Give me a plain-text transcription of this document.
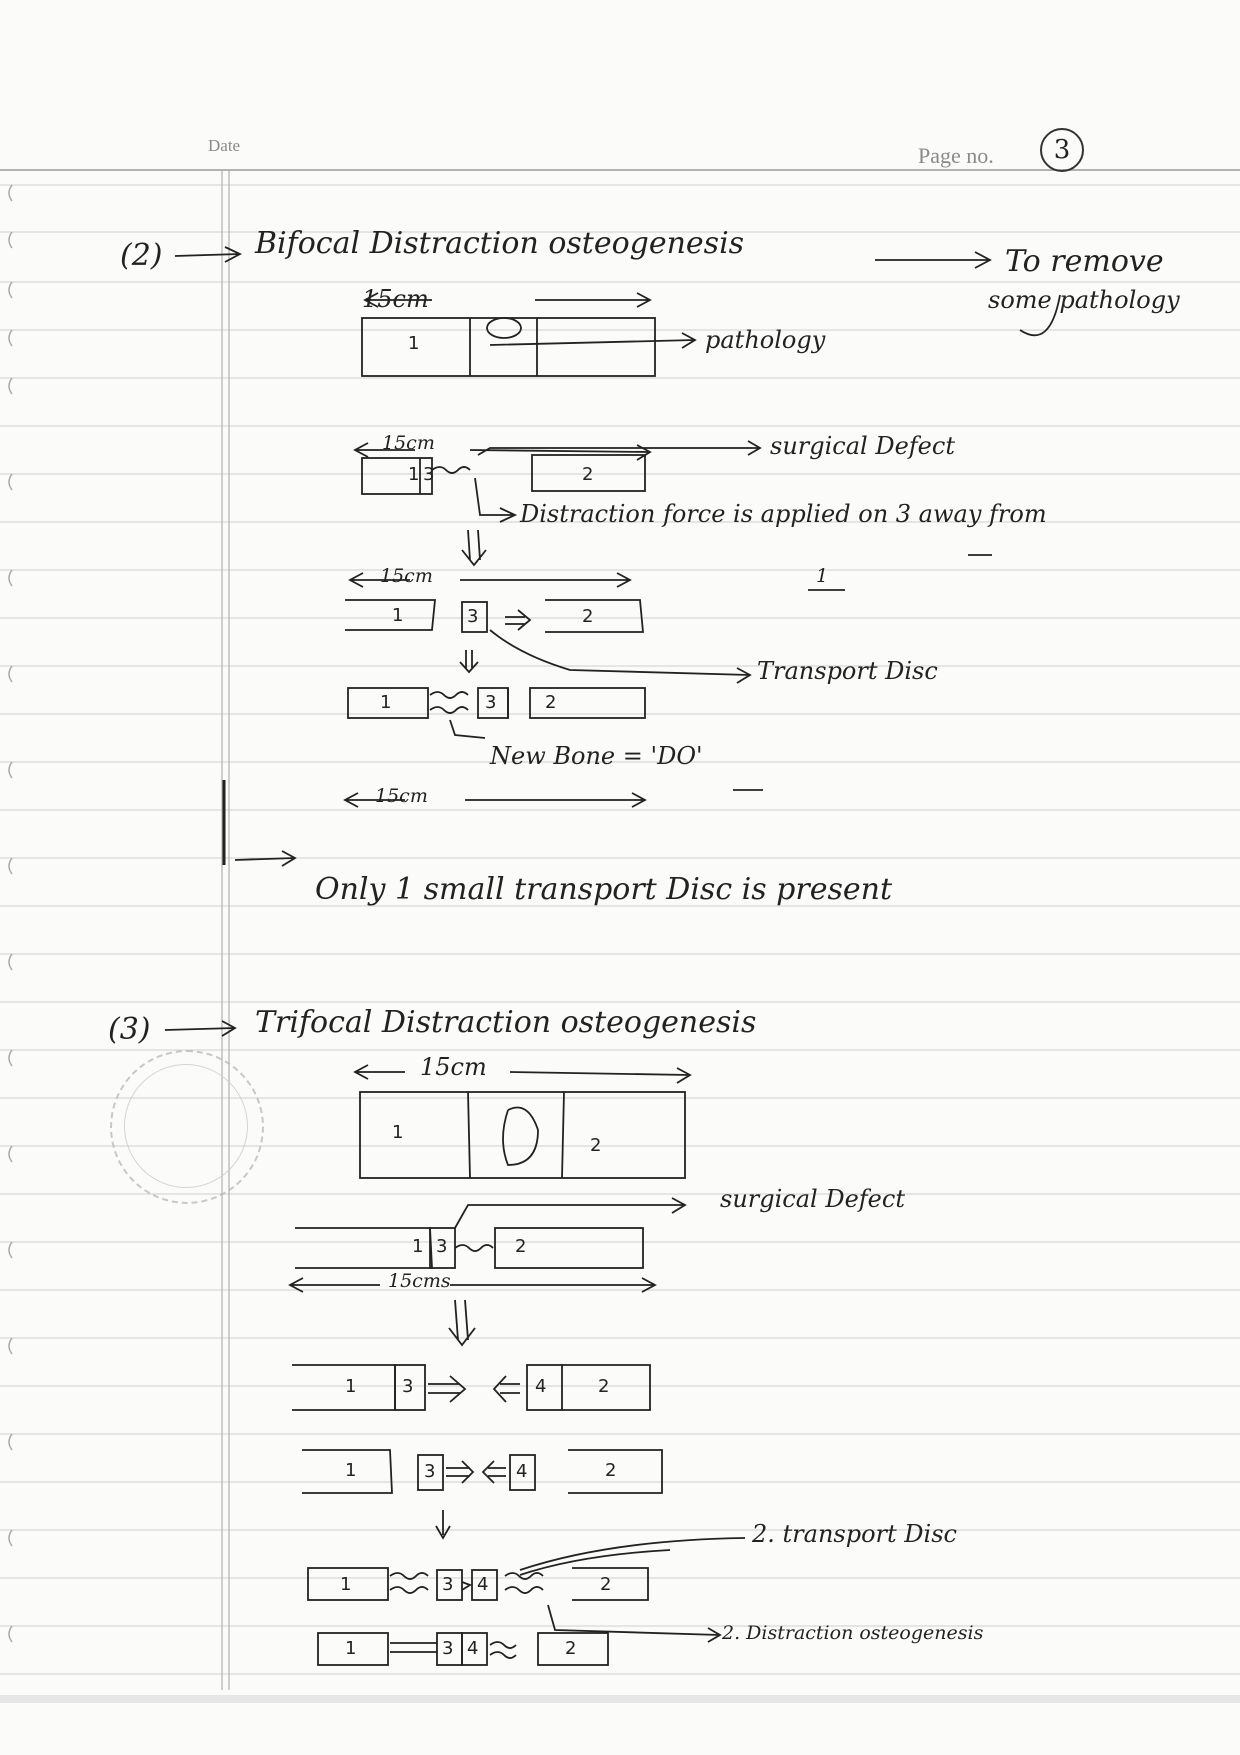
Date	Page no.	3
(2)	Bifocal Distraction osteogenesis
To remove
some pathology
1
15cm
pathology
15cm
1 3	2
surgical Defect
Distraction force is applied on 3 away from
1
15cm
1	3	2
Transport Disc
1	3	2
New Bone = 'DO'
15cm
Only 1 small transport Disc is present
(3)	Trifocal Distraction osteogenesis
15cm
1
2
1 3	2
surgical Defect
15cms
1	3	4	2
1	3	4	2
2. transport Disc
1	3 4	2
2. Distraction osteogenesis
1	3 4	2
